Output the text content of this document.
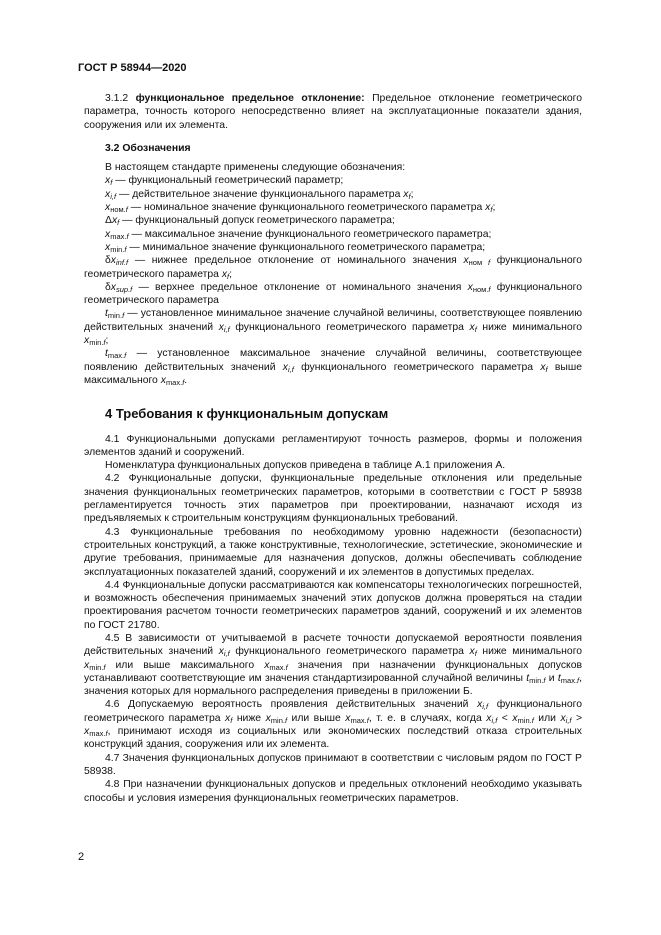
ГОСТ Р 58944—2020

3.1.2 функциональное предельное отклонение: Предельное отклонение геометрического параметра, точность которого непосредственно влияет на эксплуатационные показатели здания, сооружения или их элемента.

3.2 Обозначения

В настоящем стандарте применены следующие обозначения:

$x_f$ — функциональный геометрический параметр;
$x_{i,f}$ — действительное значение функционального параметра $x_f$;
$x_{ном.f}$ — номинальное значение функционального геометрического параметра $x_f$;
$\Delta x_f$ — функциональный допуск геометрического параметра;
$x_{max.f}$ — максимальное значение функционального геометрического параметра;
$x_{min.f}$ — минимальное значение функционального геометрического параметра;

$\delta x_{inf.f}$ — нижнее предельное отклонение от номинального значения $x_{ном f}$ функционального геометрического параметра $x_f$;

$\delta x_{sup.f}$ — верхнее предельное отклонение от номинального значения $x_{ном.f}$ функционального геометрического параметра

$t_{min.f}$ — установленное минимальное значение случайной величины, соответствующее появлению действительных значений $x_{i,f}$ функционального геометрического параметра $x_f$ ниже минимального $x_{min.f}$;

$t_{max.f}$ — установленное максимальное значение случайной величины, соответствующее появлению действительных значений $x_{i,f}$ функционального геометрического параметра $x_f$ выше максимального $x_{max.f}$.

4 Требования к функциональным допускам

4.1 Функциональными допусками регламентируют точность размеров, формы и положения элементов зданий и сооружений.

Номенклатура функциональных допусков приведена в таблице А.1 приложения А.

4.2 Функциональные допуски, функциональные предельные отклонения или предельные значения функциональных геометрических параметров, которыми в соответствии с ГОСТ Р 58938 регламентируется точность этих параметров при проектировании, назначают исходя из предъявляемых к строительным конструкциям функциональных требований.

4.3 Функциональные требования по необходимому уровню надежности (безопасности) строительных конструкций, а также конструктивные, технологические, эстетические, экономические и другие требования, принимаемые для назначения допусков, должны обеспечивать соблюдение эксплуатационных показателей зданий, сооружений и их элементов в допустимых пределах.

4.4 Функциональные допуски рассматриваются как компенсаторы технологических погрешностей, и возможность обеспечения принимаемых значений этих допусков должна проверяться на стадии проектирования расчетом точности геометрических параметров зданий, сооружений и их элементов по ГОСТ 21780.

4.5 В зависимости от учитываемой в расчете точности допускаемой вероятности появления действительных значений $x_{i,f}$ функционального геометрического параметра $x_f$ ниже минимального $x_{min.f}$ или выше максимального $x_{max.f}$ значения при назначении функциональных допусков устанавливают соответствующие им значения стандартизированной случайной величины $t_{min.f}$ и $t_{max.f}$, значения которых для нормального распределения приведены в приложении Б.

4.6 Допускаемую вероятность проявления действительных значений $x_{i,f}$ функционального геометрического параметра $x_f$ ниже $x_{min.f}$ или выше $x_{max.f}$, т. е. в случаях, когда $x_{i,f} < x_{min.f}$ или $x_{i,f} > x_{max.f}$, принимают исходя из социальных или экономических последствий отказа строительных конструкций здания, сооружения или их элемента.

4.7 Значения функциональных допусков принимают в соответствии с числовым рядом по ГОСТ Р 58938.

4.8 При назначении функциональных допусков и предельных отклонений необходимо указывать способы и условия измерения функциональных геометрических параметров.

2
